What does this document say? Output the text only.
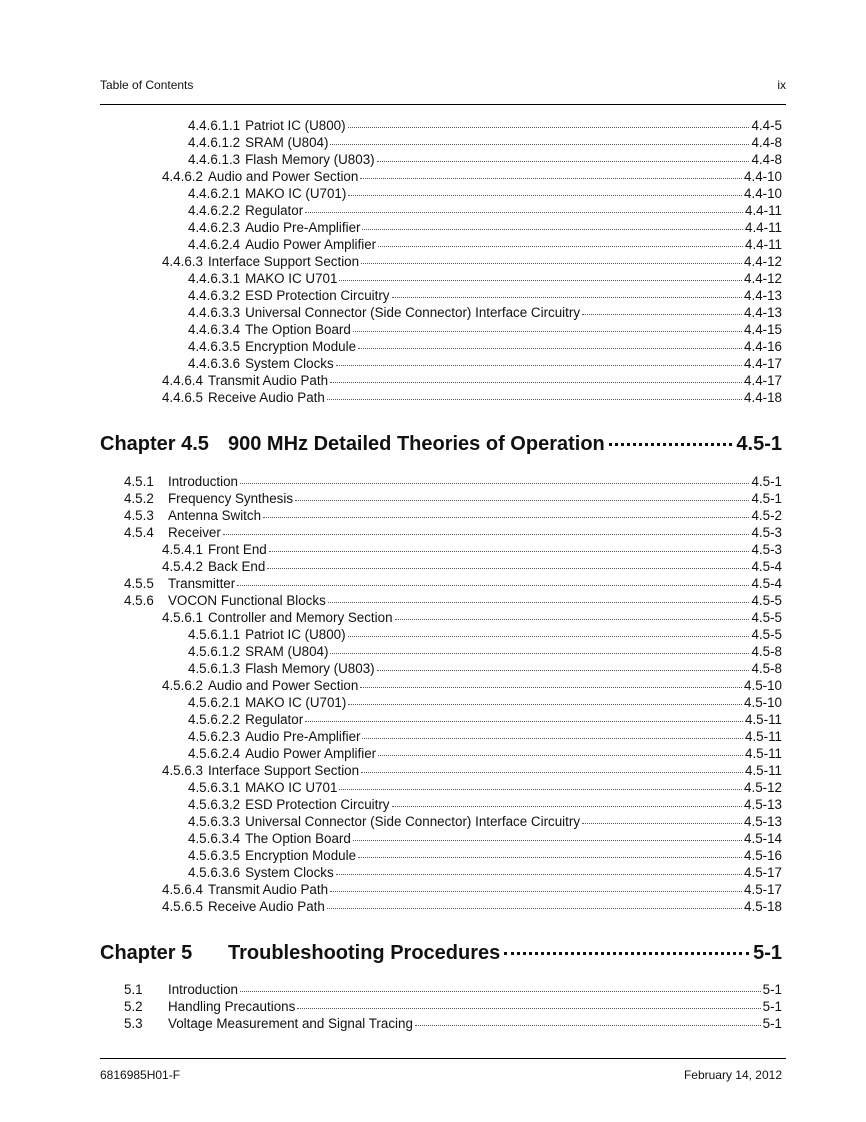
Table of Contents	ix
4.4.6.1.1 Patriot IC (U800)	4.4-5
4.4.6.1.2 SRAM (U804)	4.4-8
4.4.6.1.3 Flash Memory (U803)	4.4-8
4.4.6.2 Audio and Power Section	4.4-10
4.4.6.2.1 MAKO IC (U701)	4.4-10
4.4.6.2.2 Regulator	4.4-11
4.4.6.2.3 Audio Pre-Amplifier	4.4-11
4.4.6.2.4 Audio Power Amplifier	4.4-11
4.4.6.3 Interface Support Section	4.4-12
4.4.6.3.1 MAKO IC U701	4.4-12
4.4.6.3.2 ESD Protection Circuitry	4.4-13
4.4.6.3.3 Universal Connector (Side Connector) Interface Circuitry	4.4-13
4.4.6.3.4 The Option Board	4.4-15
4.4.6.3.5 Encryption Module	4.4-16
4.4.6.3.6 System Clocks	4.4-17
4.4.6.4 Transmit Audio Path	4.4-17
4.4.6.5 Receive Audio Path	4.4-18
Chapter 4.5 900 MHz Detailed Theories of Operation	4.5-1
4.5.1	Introduction	4.5-1
4.5.2	Frequency Synthesis	4.5-1
4.5.3	Antenna Switch	4.5-2
4.5.4	Receiver	4.5-3
4.5.4.1 Front End	4.5-3
4.5.4.2 Back End	4.5-4
4.5.5	Transmitter	4.5-4
4.5.6	VOCON Functional Blocks	4.5-5
4.5.6.1 Controller and Memory Section	4.5-5
4.5.6.1.1 Patriot IC (U800)	4.5-5
4.5.6.1.2 SRAM (U804)	4.5-8
4.5.6.1.3 Flash Memory (U803)	4.5-8
4.5.6.2 Audio and Power Section	4.5-10
4.5.6.2.1 MAKO IC (U701)	4.5-10
4.5.6.2.2 Regulator	4.5-11
4.5.6.2.3 Audio Pre-Amplifier	4.5-11
4.5.6.2.4 Audio Power Amplifier	4.5-11
4.5.6.3 Interface Support Section	4.5-11
4.5.6.3.1 MAKO IC U701	4.5-12
4.5.6.3.2 ESD Protection Circuitry	4.5-13
4.5.6.3.3 Universal Connector (Side Connector) Interface Circuitry	4.5-13
4.5.6.3.4 The Option Board	4.5-14
4.5.6.3.5 Encryption Module	4.5-16
4.5.6.3.6 System Clocks	4.5-17
4.5.6.4 Transmit Audio Path	4.5-17
4.5.6.5 Receive Audio Path	4.5-18
Chapter 5	Troubleshooting Procedures	5-1
5.1	Introduction	5-1
5.2	Handling Precautions	5-1
5.3	Voltage Measurement and Signal Tracing	5-1
6816985H01-F	February 14, 2012
